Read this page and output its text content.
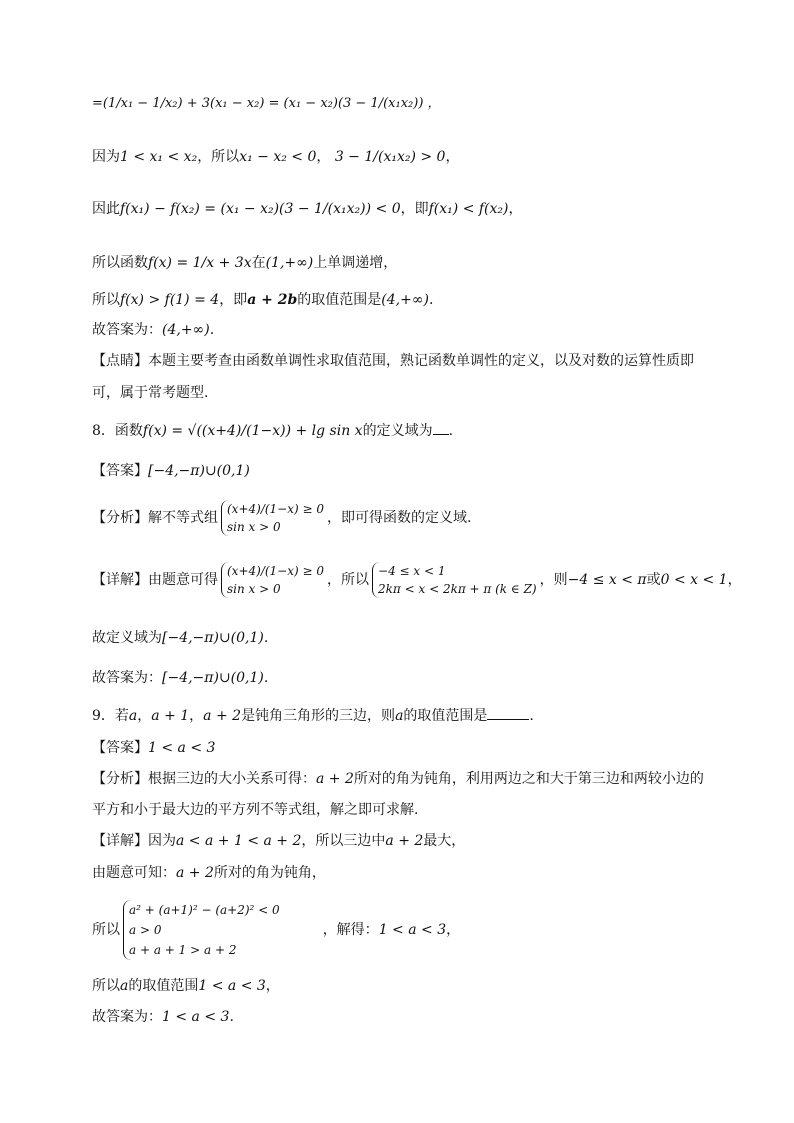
=(1/x₁ − 1/x₂) + 3(x₁ − x₂) = (x₁ − x₂)(3 − 1/(x₁x₂)) ，
因为1 < x₁ < x₂，所以x₁ − x₂ < 0， 3 − 1/(x₁x₂) > 0，
因此f(x₁) − f(x₂) = (x₁ − x₂)(3 − 1/(x₁x₂)) < 0，即f(x₁) < f(x₂)，
所以函数f(x) = 1/x + 3x在(1,+∞)上单调递增，
所以f(x) > f(1) = 4，即a + 2b的取值范围是(4,+∞).
故答案为：(4,+∞).
【点睛】本题主要考查由函数单调性求取值范围，熟记函数单调性的定义，以及对数的运算性质即
可，属于常考题型.
8．函数f(x) = √((x+4)/(1−x)) + lg sin x的定义域为 .
【答案】[−4,−π)∪(0,1)
【分析】解不等式组
(x+4)/(1−x) ≥ 0
sin x > 0
，即可得函数的定义域.
【详解】由题意可得
(x+4)/(1−x) ≥ 0
sin x > 0
，所以
−4 ≤ x < 1
2kπ < x < 2kπ + π (k ∈ Z)
，则−4 ≤ x < π或0 < x < 1，
故定义域为[−4,−π)∪(0,1).
故答案为：[−4,−π)∪(0,1).
9．若a，a + 1，a + 2是钝角三角形的三边，则a的取值范围是	.
【答案】1 < a < 3
【分析】根据三边的大小关系可得：a + 2所对的角为钝角，利用两边之和大于第三边和两较小边的
平方和小于最大边的平方列不等式组，解之即可求解.
【详解】因为a < a + 1 < a + 2，所以三边中a + 2最大，
由题意可知：a + 2所对的角为钝角，
所以
a² + (a+1)² − (a+2)² < 0
a > 0
a + a + 1 > a + 2
，解得：1 < a < 3，
所以a的取值范围1 < a < 3，
故答案为：1 < a < 3.
